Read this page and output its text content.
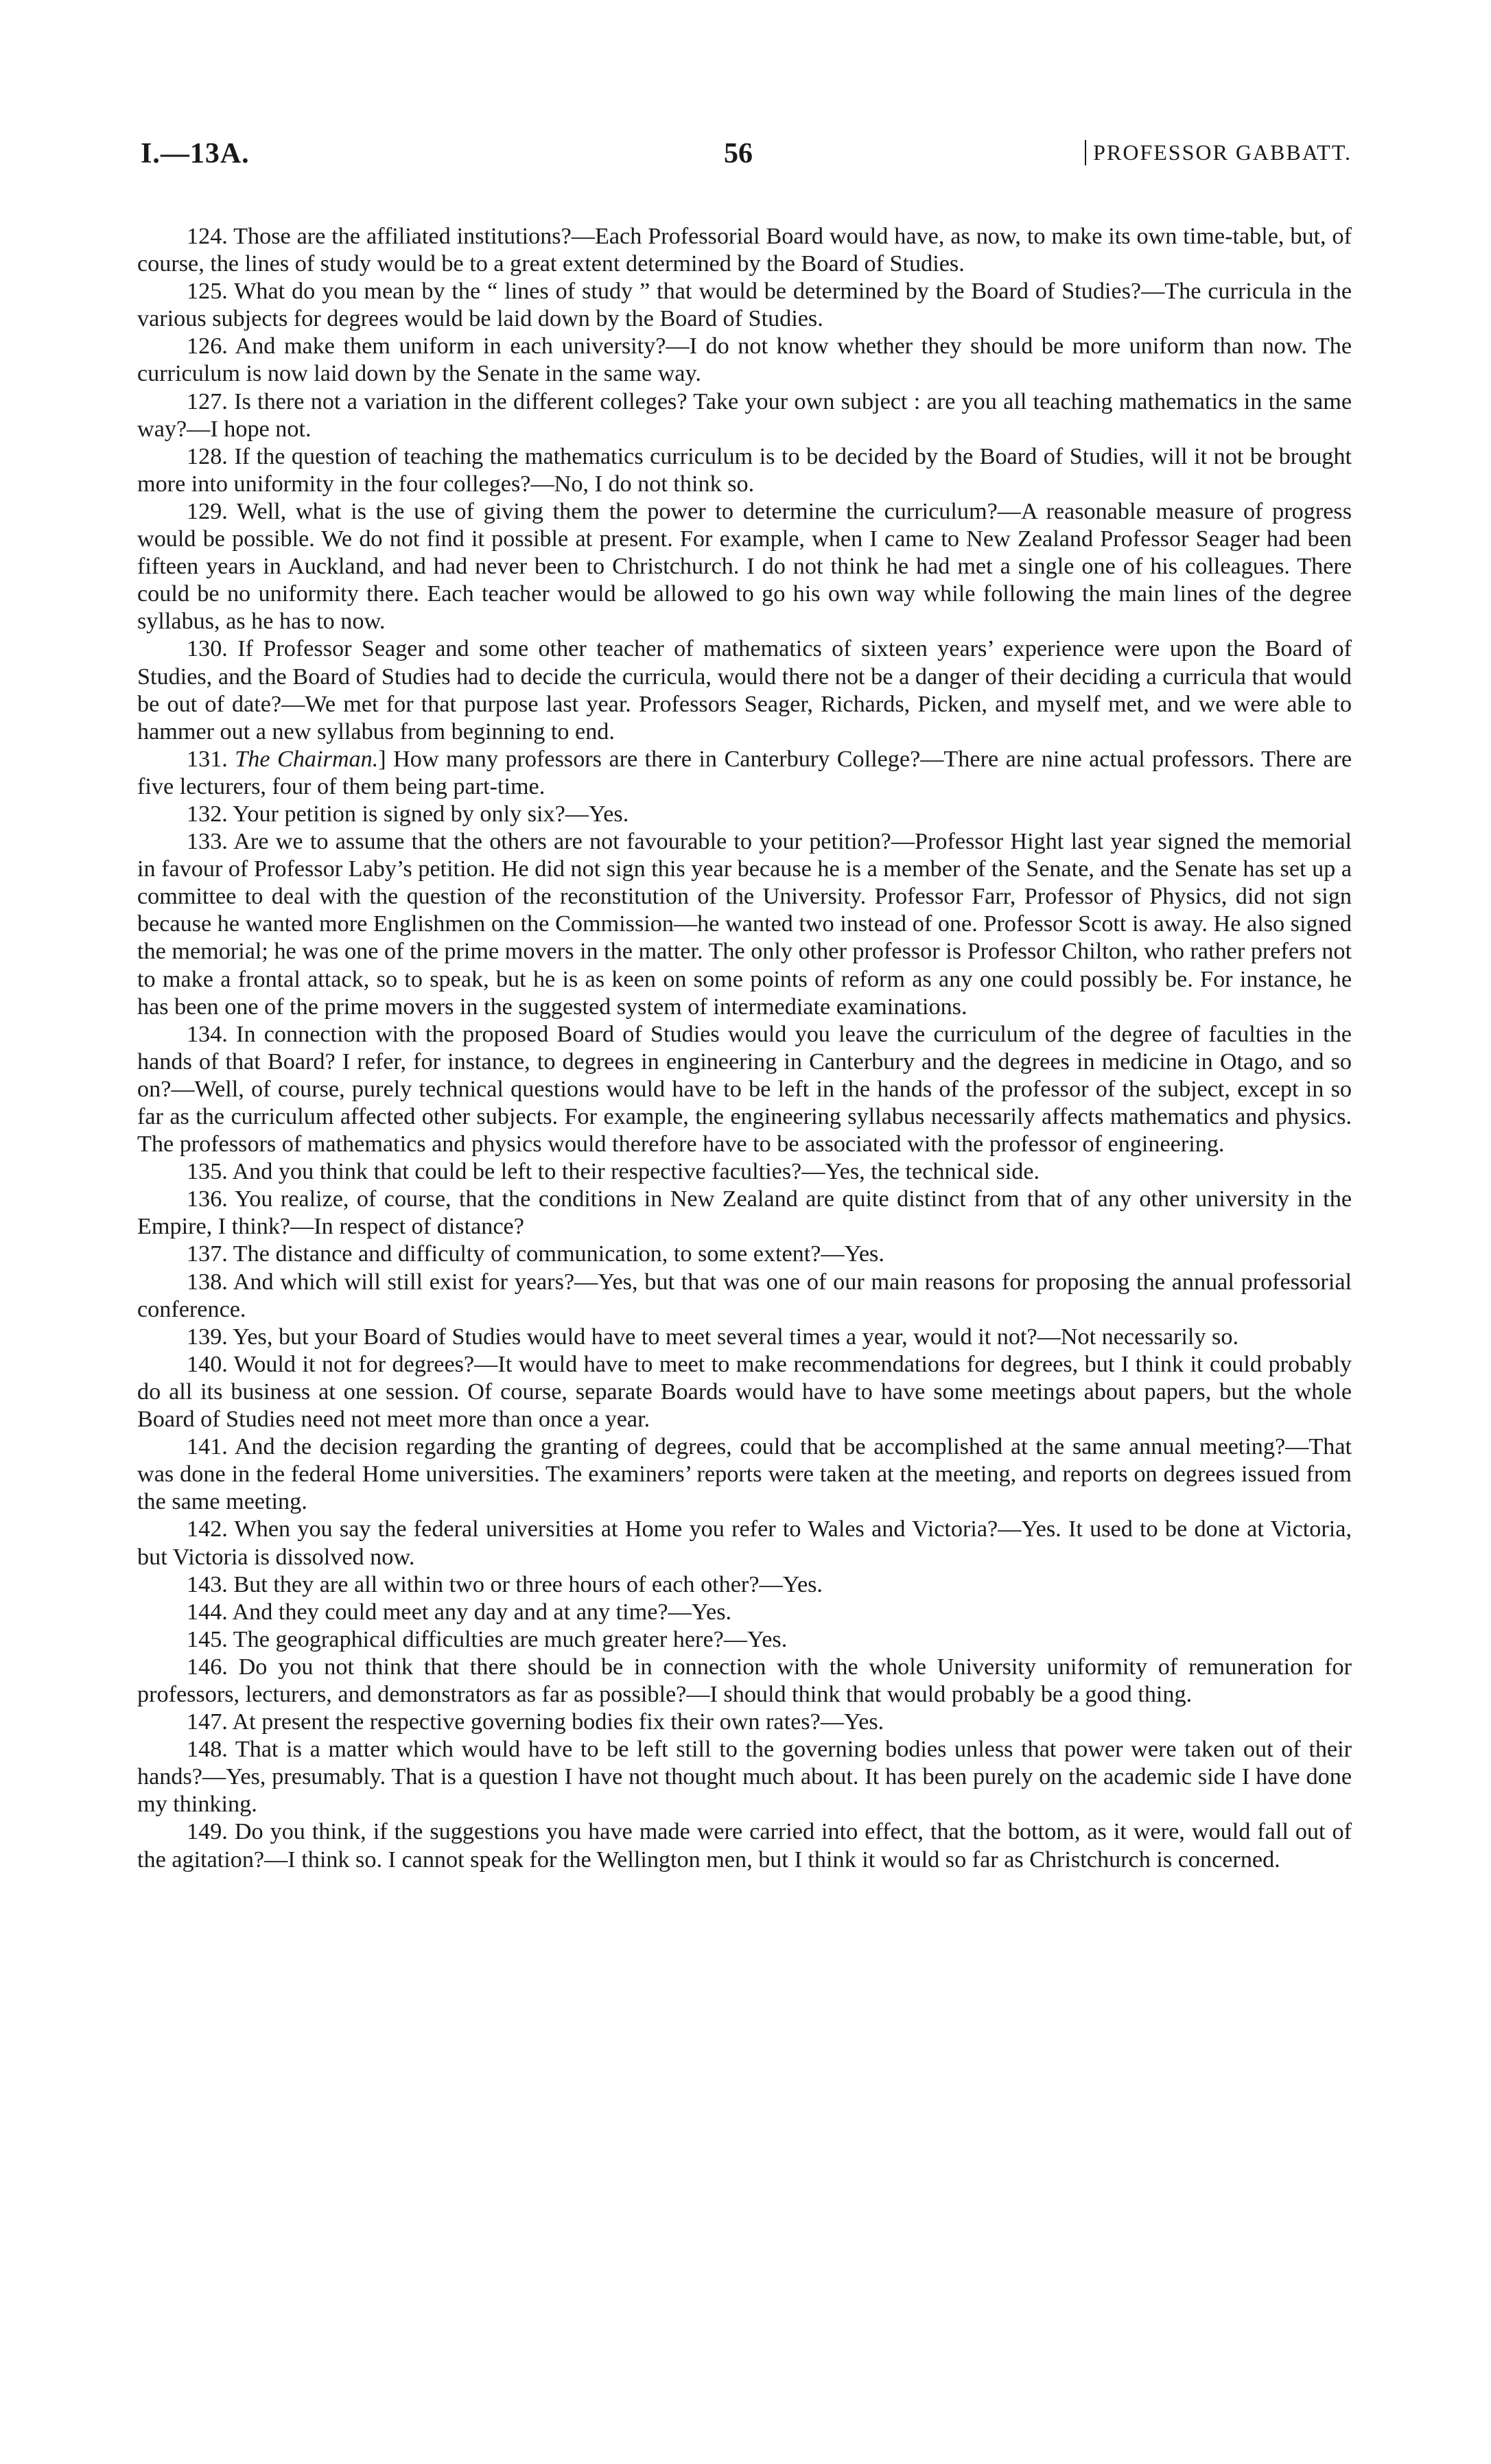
I.—13A.	56	PROFESSOR GABBATT.

124. Those are the affiliated institutions?—Each Professorial Board would have, as now, to make its own time-table, but, of course, the lines of study would be to a great extent determined by the Board of Studies.

125. What do you mean by the “ lines of study ” that would be determined by the Board of Studies?—The curricula in the various subjects for degrees would be laid down by the Board of Studies.

126. And make them uniform in each university?—I do not know whether they should be more uniform than now. The curriculum is now laid down by the Senate in the same way.

127. Is there not a variation in the different colleges? Take your own subject : are you all teaching mathematics in the same way?—I hope not.

128. If the question of teaching the mathematics curriculum is to be decided by the Board of Studies, will it not be brought more into uniformity in the four colleges?—No, I do not think so.

129. Well, what is the use of giving them the power to determine the curriculum?—A reasonable measure of progress would be possible. We do not find it possible at present. For example, when I came to New Zealand Professor Seager had been fifteen years in Auckland, and had never been to Christchurch. I do not think he had met a single one of his colleagues. There could be no uniformity there. Each teacher would be allowed to go his own way while following the main lines of the degree syllabus, as he has to now.

130. If Professor Seager and some other teacher of mathematics of sixteen years’ experience were upon the Board of Studies, and the Board of Studies had to decide the curricula, would there not be a danger of their deciding a curricula that would be out of date?—We met for that purpose last year. Professors Seager, Richards, Picken, and myself met, and we were able to hammer out a new syllabus from beginning to end.

131. The Chairman.] How many professors are there in Canterbury College?—There are nine actual professors. There are five lecturers, four of them being part-time.

132. Your petition is signed by only six?—Yes.

133. Are we to assume that the others are not favourable to your petition?—Professor Hight last year signed the memorial in favour of Professor Laby’s petition. He did not sign this year because he is a member of the Senate, and the Senate has set up a committee to deal with the question of the reconstitution of the University. Professor Farr, Professor of Physics, did not sign because he wanted more Englishmen on the Commission—he wanted two instead of one. Professor Scott is away. He also signed the memorial; he was one of the prime movers in the matter. The only other professor is Professor Chilton, who rather prefers not to make a frontal attack, so to speak, but he is as keen on some points of reform as any one could possibly be. For instance, he has been one of the prime movers in the suggested system of intermediate examinations.

134. In connection with the proposed Board of Studies would you leave the curriculum of the degree of faculties in the hands of that Board? I refer, for instance, to degrees in engineering in Canterbury and the degrees in medicine in Otago, and so on?—Well, of course, purely technical questions would have to be left in the hands of the professor of the subject, except in so far as the curriculum affected other subjects. For example, the engineering syllabus necessarily affects mathematics and physics. The professors of mathematics and physics would therefore have to be associated with the professor of engineering.

135. And you think that could be left to their respective faculties?—Yes, the technical side.

136. You realize, of course, that the conditions in New Zealand are quite distinct from that of any other university in the Empire, I think?—In respect of distance?

137. The distance and difficulty of communication, to some extent?—Yes.

138. And which will still exist for years?—Yes, but that was one of our main reasons for proposing the annual professorial conference.

139. Yes, but your Board of Studies would have to meet several times a year, would it not?—Not necessarily so.

140. Would it not for degrees?—It would have to meet to make recommendations for degrees, but I think it could probably do all its business at one session. Of course, separate Boards would have to have some meetings about papers, but the whole Board of Studies need not meet more than once a year.

141. And the decision regarding the granting of degrees, could that be accomplished at the same annual meeting?—That was done in the federal Home universities. The examiners’ reports were taken at the meeting, and reports on degrees issued from the same meeting.

142. When you say the federal universities at Home you refer to Wales and Victoria?—Yes. It used to be done at Victoria, but Victoria is dissolved now.

143. But they are all within two or three hours of each other?—Yes.

144. And they could meet any day and at any time?—Yes.

145. The geographical difficulties are much greater here?—Yes.

146. Do you not think that there should be in connection with the whole University uniformity of remuneration for professors, lecturers, and demonstrators as far as possible?—I should think that would probably be a good thing.

147. At present the respective governing bodies fix their own rates?—Yes.

148. That is a matter which would have to be left still to the governing bodies unless that power were taken out of their hands?—Yes, presumably. That is a question I have not thought much about. It has been purely on the academic side I have done my thinking.

149. Do you think, if the suggestions you have made were carried into effect, that the bottom, as it were, would fall out of the agitation?—I think so. I cannot speak for the Wellington men, but I think it would so far as Christchurch is concerned.
